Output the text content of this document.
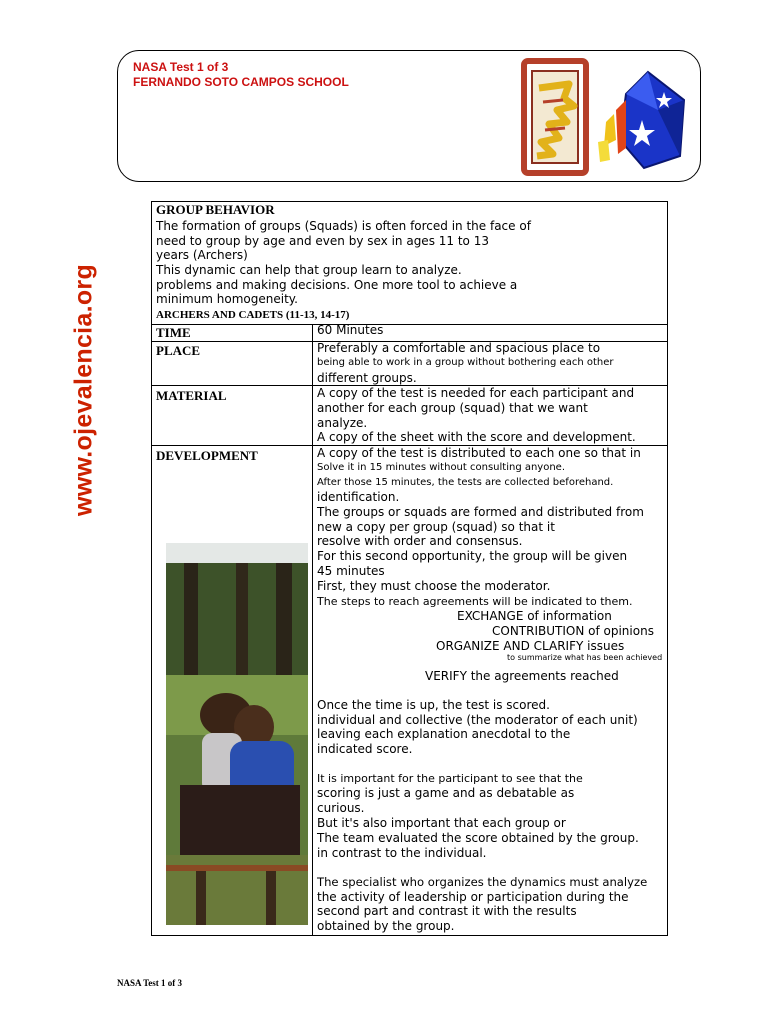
NASA Test 1 of 3
FERNANDO SOTO CAMPOS SCHOOL
www.ojevalencia.org
GROUP BEHAVIOR
The formation of groups (Squads) is often forced in the face of
need to group by age and even by sex in ages 11 to 13
years (Archers)
This dynamic can help that group learn to analyze.
problems and making decisions. One more tool to achieve a
minimum homogeneity.
ARCHERS AND CADETS (11-13, 14-17)
TIME	60 Minutes
PLACE	Preferably a comfortable and spacious place to
being able to work in a group without bothering each other
different groups.
MATERIAL	A copy of the test is needed for each participant and
another for each group (squad) that we want
analyze.
A copy of the sheet with the score and development.
DEVELOPMENT	A copy of the test is distributed to each one so that in
Solve it in 15 minutes without consulting anyone.
After those 15 minutes, the tests are collected beforehand.
identification.
The groups or squads are formed and distributed from
new a copy per group (squad) so that it
resolve with order and consensus.
For this second opportunity, the group will be given
45 minutes
First, they must choose the moderator.
The steps to reach agreements will be indicated to them.
EXCHANGE of information
CONTRIBUTION of opinions
ORGANIZE AND CLARIFY issues
to summarize what has been achieved
VERIFY the agreements reached
Once the time is up, the test is scored.
individual and collective (the moderator of each unit)
leaving each explanation anecdotal to the
indicated score.
It is important for the participant to see that the
scoring is just a game and as debatable as
curious.
But it's also important that each group or
The team evaluated the score obtained by the group.
in contrast to the individual.
The specialist who organizes the dynamics must analyze
the activity of leadership or participation during the
second part and contrast it with the results
obtained by the group.
NASA Test 1 of 3
